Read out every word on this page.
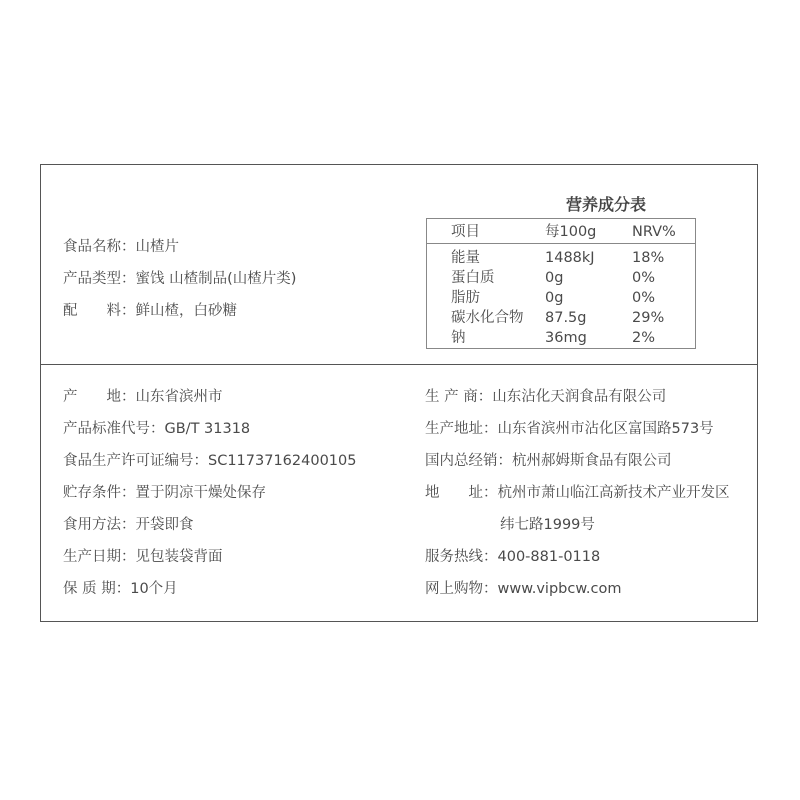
食品名称：山楂片
产品类型：蜜饯 山楂制品(山楂片类)
配　　料：鲜山楂，白砂糖
营养成分表
项目	每100g NRV%
能量	1488kJ	18%
蛋白质	0g	0%
脂肪	0g	0%
碳水化合物 87.5g	29%
钠	36mg	2%
产　　地：山东省滨州市
产品标准代号：GB/T 31318
食品生产许可证编号：SC11737162400105
贮存条件：置于阴凉干燥处保存
食用方法：开袋即食
生产日期：见包装袋背面
保 质 期：10个月
生 产 商：山东沾化天润食品有限公司
生产地址：山东省滨州市沾化区富国路573号
国内总经销：杭州郝姆斯食品有限公司
地　　址：杭州市萧山临江高新技术产业开发区
纬七路1999号
服务热线：400-881-0118
网上购物：www.vipbcw.com
